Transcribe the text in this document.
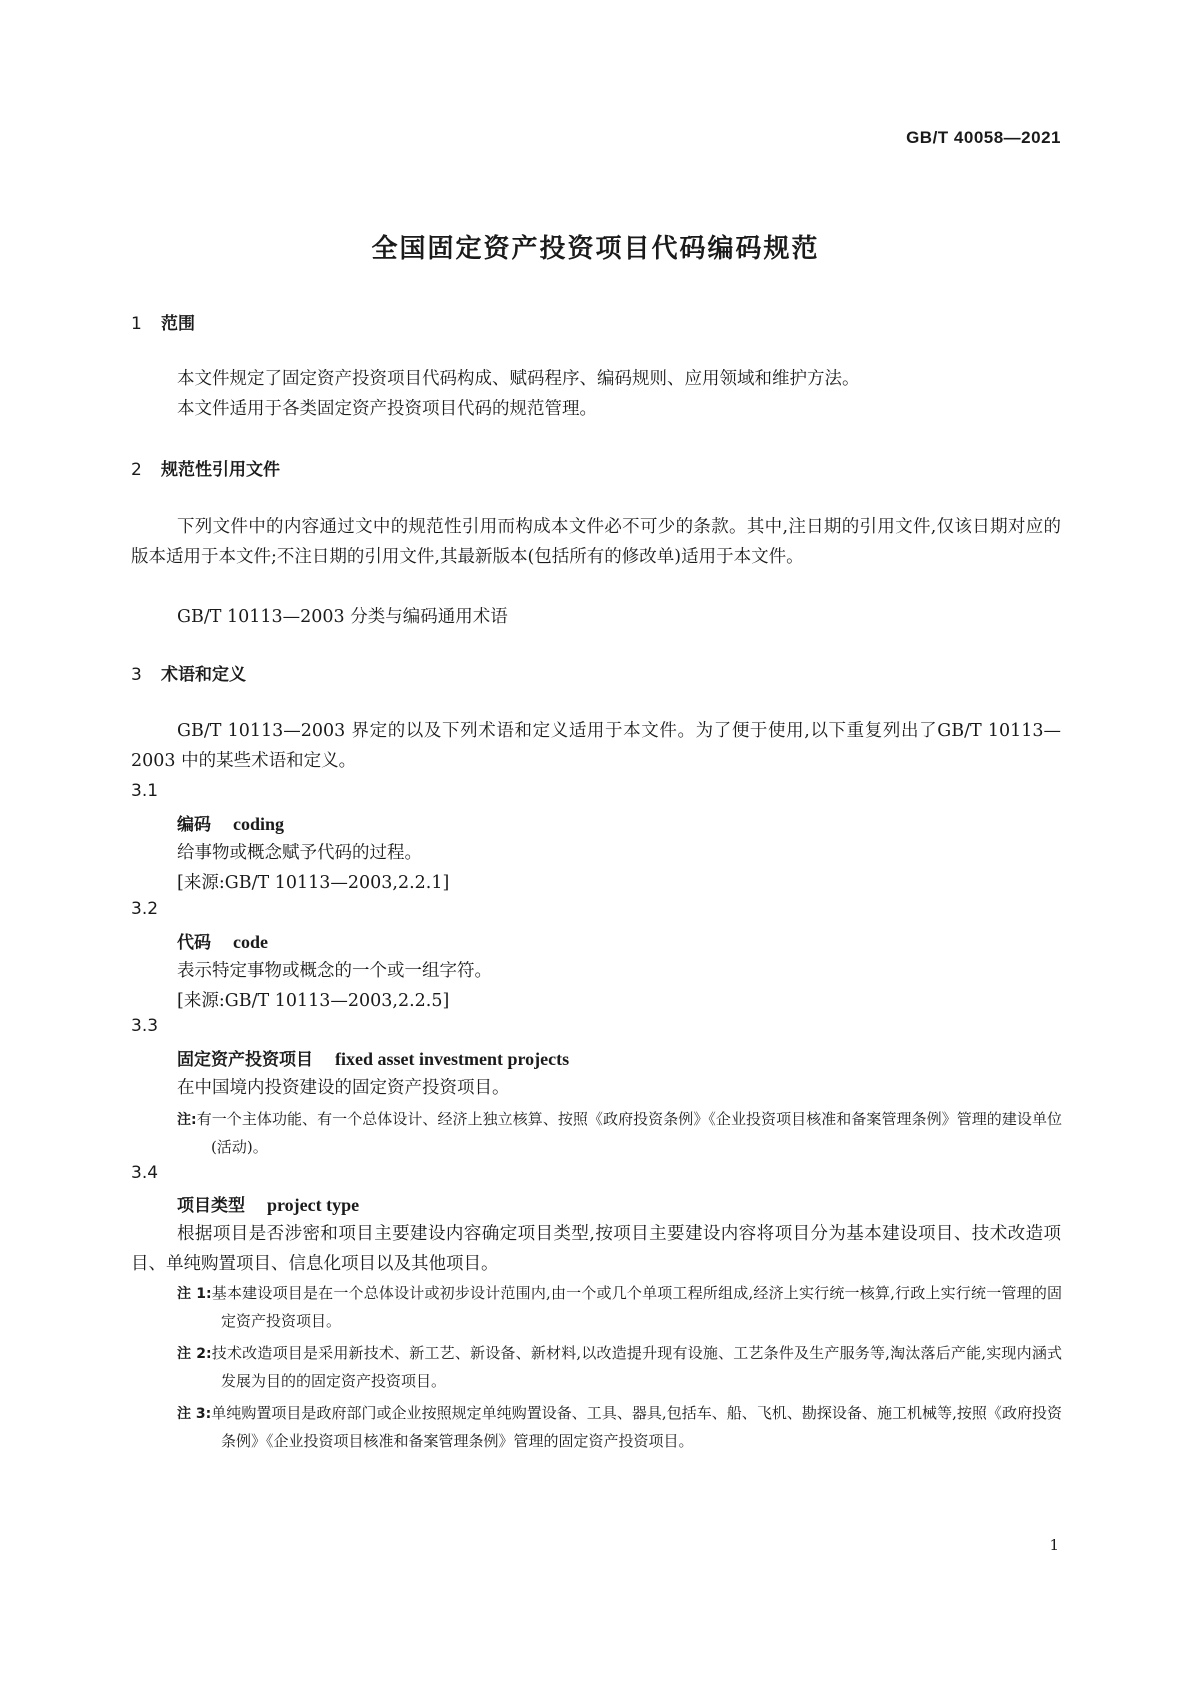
GB/T 40058—2021
全国固定资产投资项目代码编码规范
1 范围

本文件规定了固定资产投资项目代码构成、赋码程序、编码规则、应用领域和维护方法。

本文件适用于各类固定资产投资项目代码的规范管理。

2 规范性引用文件

下列文件中的内容通过文中的规范性引用而构成本文件必不可少的条款。其中,注日期的引用文件,仅该日期对应的版本适用于本文件;不注日期的引用文件,其最新版本(包括所有的修改单)适用于本文件。

GB/T 10113—2003 分类与编码通用术语

3 术语和定义

GB/T 10113—2003 界定的以及下列术语和定义适用于本文件。为了便于使用,以下重复列出了GB/T 10113—2003 中的某些术语和定义。

3.1
编码 coding

给事物或概念赋予代码的过程。

[来源:GB/T 10113—2003,2.2.1]

3.2
代码 code

表示特定事物或概念的一个或一组字符。

[来源:GB/T 10113—2003,2.2.5]

3.3
固定资产投资项目 fixed asset investment projects

在中国境内投资建设的固定资产投资项目。

注:有一个主体功能、有一个总体设计、经济上独立核算、按照《政府投资条例》《企业投资项目核准和备案管理条例》管理的建设单位(活动)。
3.4
项目类型 project type

根据项目是否涉密和项目主要建设内容确定项目类型,按项目主要建设内容将项目分为基本建设项目、技术改造项目、单纯购置项目、信息化项目以及其他项目。

注 1:基本建设项目是在一个总体设计或初步设计范围内,由一个或几个单项工程所组成,经济上实行统一核算,行政上实行统一管理的固定资产投资项目。
注 2:技术改造项目是采用新技术、新工艺、新设备、新材料,以改造提升现有设施、工艺条件及生产服务等,淘汰落后产能,实现内涵式发展为目的的固定资产投资项目。
注 3:单纯购置项目是政府部门或企业按照规定单纯购置设备、工具、器具,包括车、船、飞机、勘探设备、施工机械等,按照《政府投资条例》《企业投资项目核准和备案管理条例》管理的固定资产投资项目。
1
